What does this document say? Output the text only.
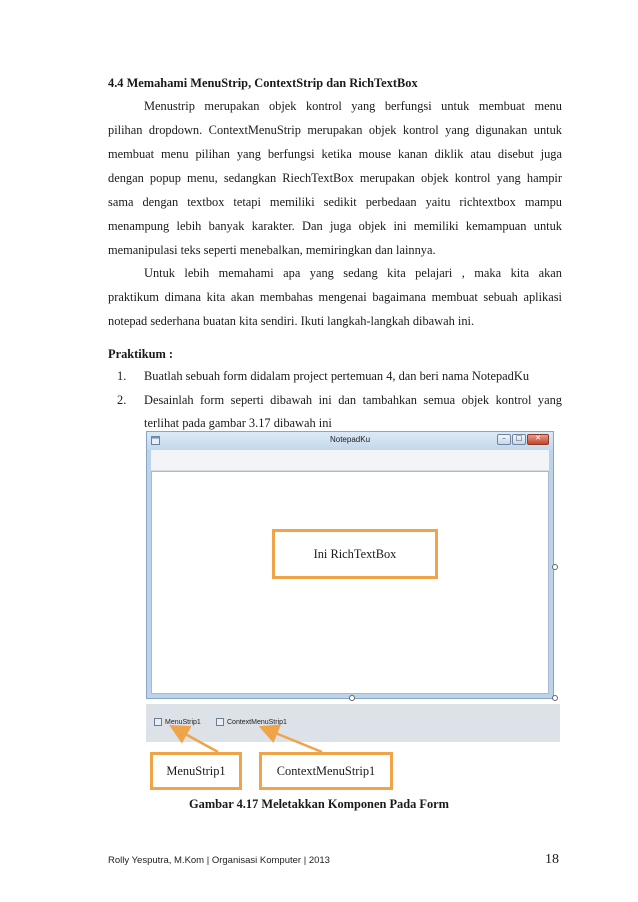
4.4 Memahami MenuStrip, ContextStrip dan RichTextBox
Menustrip merupakan objek kontrol yang berfungsi untuk membuat menu
pilihan dropdown. ContextMenuStrip merupakan objek kontrol yang digunakan untuk
membuat menu pilihan yang berfungsi ketika mouse kanan diklik atau disebut juga
dengan popup menu, sedangkan RiechTextBox merupakan objek kontrol yang hampir
sama dengan textbox tetapi memiliki sedikit perbedaan yaitu richtextbox mampu
menampung lebih banyak karakter. Dan juga objek ini memiliki kemampuan untuk
memanipulasi teks seperti menebalkan, memiringkan dan lainnya.
Untuk lebih memahami apa yang sedang kita pelajari , maka kita akan
praktikum dimana kita akan membahas mengenai bagaimana membuat sebuah aplikasi
notepad sederhana buatan kita sendiri. Ikuti langkah-langkah dibawah ini.
Praktikum :
1. Buatlah sebuah form didalam project pertemuan 4, dan beri nama NotepadKu
2. Desainlah form seperti dibawah ini dan tambahkan semua objek kontrol yang
terlihat pada gambar 3.17 dibawah ini
NotepadKu	–	□	✕
Ini RichTextBox
MenuStrip1	ContextMenuStrip1
MenuStrip1	ContextMenuStrip1
Gambar 4.17 Meletakkan Komponen Pada Form
Rolly Yesputra, M.Kom | Organisasi Komputer | 2013	18
